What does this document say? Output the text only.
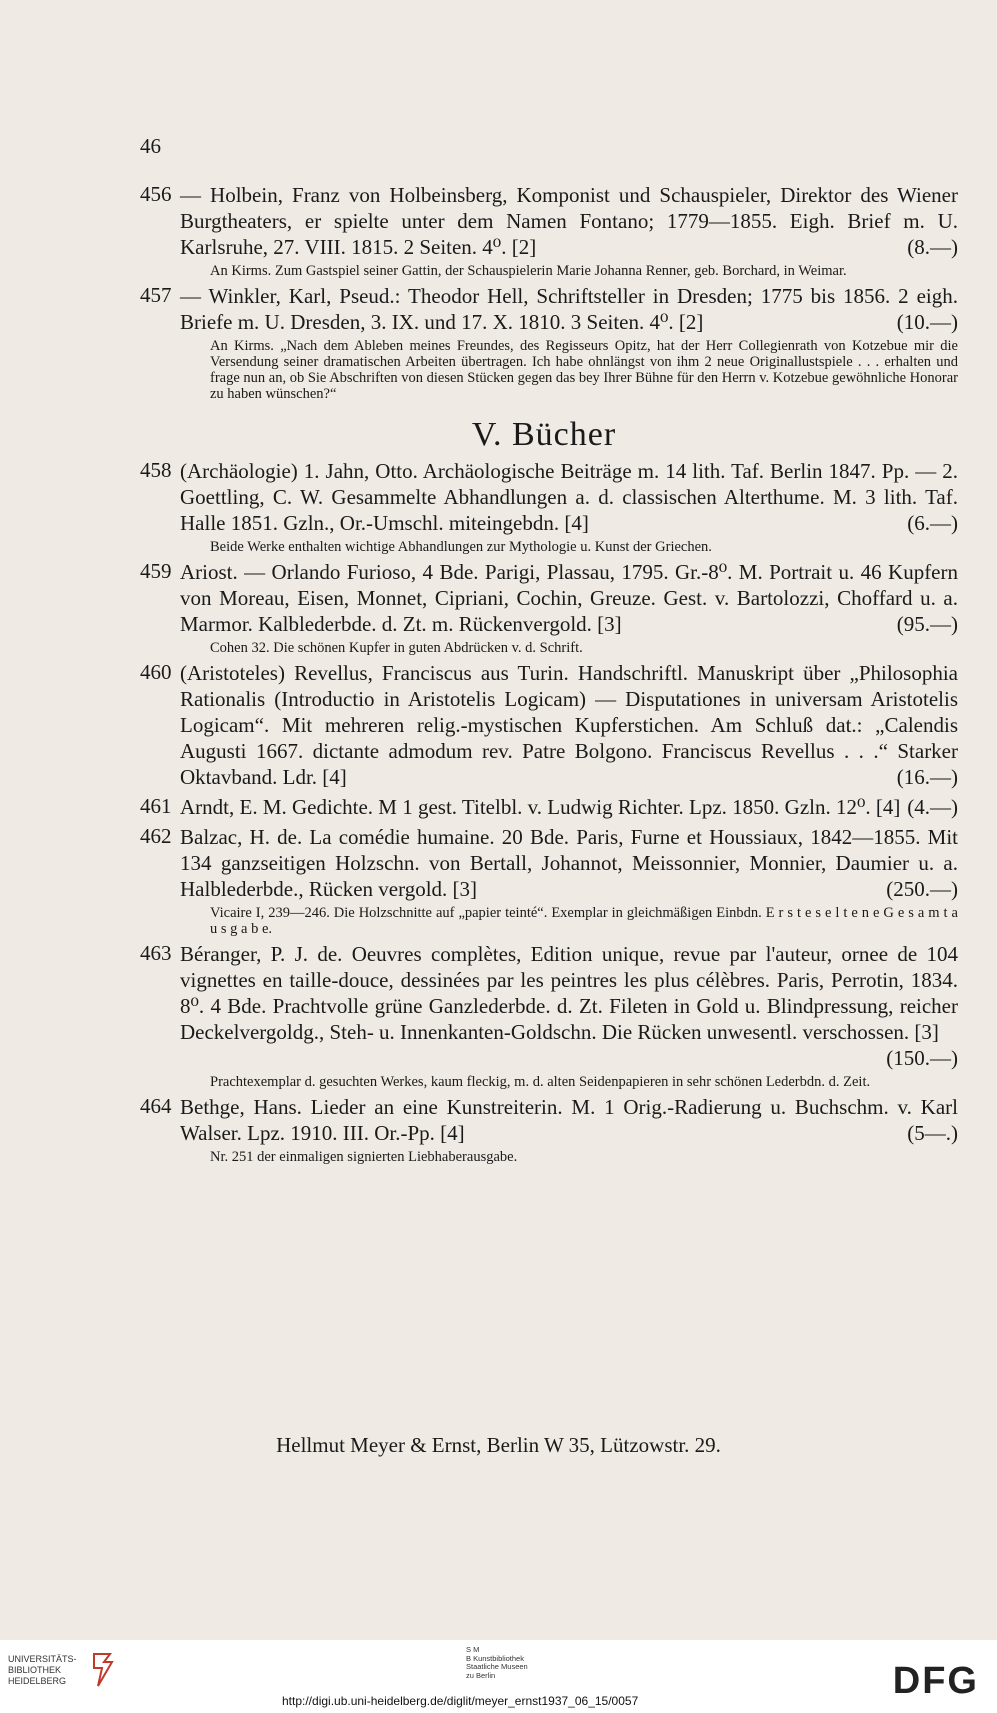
46
456 — Holbein, Franz von Holbeinsberg, Komponist und Schauspieler, Direktor des Wiener Burgtheaters, er spielte unter dem Namen Fontano; 1779—1855. Eigh. Brief m. U. Karlsruhe, 27. VIII. 1815. 2 Seiten. 4⁰. [2]	(8.—)
An Kirms. Zum Gastspiel seiner Gattin, der Schauspielerin Marie Johanna Renner, geb. Borchard, in Weimar.
457 — Winkler, Karl, Pseud.: Theodor Hell, Schriftsteller in Dresden; 1775 bis 1856. 2 eigh. Briefe m. U. Dresden, 3. IX. und 17. X. 1810. 3 Seiten. 4⁰. [2]	(10.—)
An Kirms. „Nach dem Ableben meines Freundes, des Regisseurs Opitz, hat der Herr Collegienrath von Kotzebue mir die Versendung seiner dramatischen Arbeiten übertragen. Ich habe ohnlängst von ihm 2 neue Originallustspiele . . . erhalten und frage nun an, ob Sie Abschriften von diesen Stücken gegen das bey Ihrer Bühne für den Herrn v. Kotzebue gewöhnliche Honorar zu haben wünschen?“
V. Bücher
458 (Archäologie) 1. Jahn, Otto. Archäologische Beiträge m. 14 lith. Taf. Berlin 1847. Pp. — 2. Goettling, C. W. Gesammelte Abhandlungen a. d. classischen Alterthume. M. 3 lith. Taf. Halle 1851. Gzln., Or.-Umschl. miteingebdn. [4]	(6.—)
Beide Werke enthalten wichtige Abhandlungen zur Mythologie u. Kunst der Griechen.
459 Ariost. — Orlando Furioso, 4 Bde. Parigi, Plassau, 1795. Gr.-8⁰. M. Portrait u. 46 Kupfern von Moreau, Eisen, Monnet, Cipriani, Cochin, Greuze. Gest. v. Bartolozzi, Choffard u. a. Marmor. Kalblederbde. d. Zt. m. Rückenvergold. [3]	(95.—)
Cohen 32. Die schönen Kupfer in guten Abdrücken v. d. Schrift.
460 (Aristoteles) Revellus, Franciscus aus Turin. Handschriftl. Manuskript über „Philosophia Rationalis (Introductio in Aristotelis Logicam) — Disputationes in universam Aristotelis Logicam“. Mit mehreren relig.-mystischen Kupferstichen. Am Schluß dat.: „Calendis Augusti 1667. dictante admodum rev. Patre Bolgono. Franciscus Revellus . . .“ Starker Oktavband. Ldr. [4]	(16.—)
461 Arndt, E. M. Gedichte. M 1 gest. Titelbl. v. Ludwig Richter. Lpz. 1850. Gzln. 12⁰. [4] (4.—)
462 Balzac, H. de. La comédie humaine. 20 Bde. Paris, Furne et Houssiaux, 1842—1855. Mit 134 ganzseitigen Holzschn. von Bertall, Johannot, Meissonnier, Monnier, Daumier u. a. Halblederbde., Rücken vergold. [3]	(250.—)
Vicaire I, 239—246. Die Holzschnitte auf „papier teinté“. Exemplar in gleichmäßigen Einbdn. E r s t e s e l t e n e G e s a m t a u s g a b e.
463 Béranger, P. J. de. Oeuvres complètes, Edition unique, revue par l'auteur, ornee de 104 vignettes en taille-douce, dessinées par les peintres les plus célèbres. Paris, Perrotin, 1834. 8⁰. 4 Bde. Prachtvolle grüne Ganzlederbde. d. Zt. Fileten in Gold u. Blindpressung, reicher Deckelvergoldg., Steh- u. Innenkanten-Goldschn. Die Rücken unwesentl. verschossen. [3]
(150.—)
Prachtexemplar d. gesuchten Werkes, kaum fleckig, m. d. alten Seidenpapieren in sehr schönen Lederbdn. d. Zeit.
464 Bethge, Hans. Lieder an eine Kunstreiterin. M. 1 Orig.-Radierung u. Buchschm. v. Karl Walser. Lpz. 1910. III. Or.-Pp. [4]	(5—.)
Nr. 251 der einmaligen signierten Liebhaberausgabe.
Hellmut Meyer & Ernst, Berlin W 35, Lützowstr. 29.
UNIVERSITÄTS-
BIBLIOTHEK
HEIDELBERG
S M
B Kunstbibliothek
Staatliche Museen
zu Berlin	DFG
http://digi.ub.uni-heidelberg.de/diglit/meyer_ernst1937_06_15/0057
